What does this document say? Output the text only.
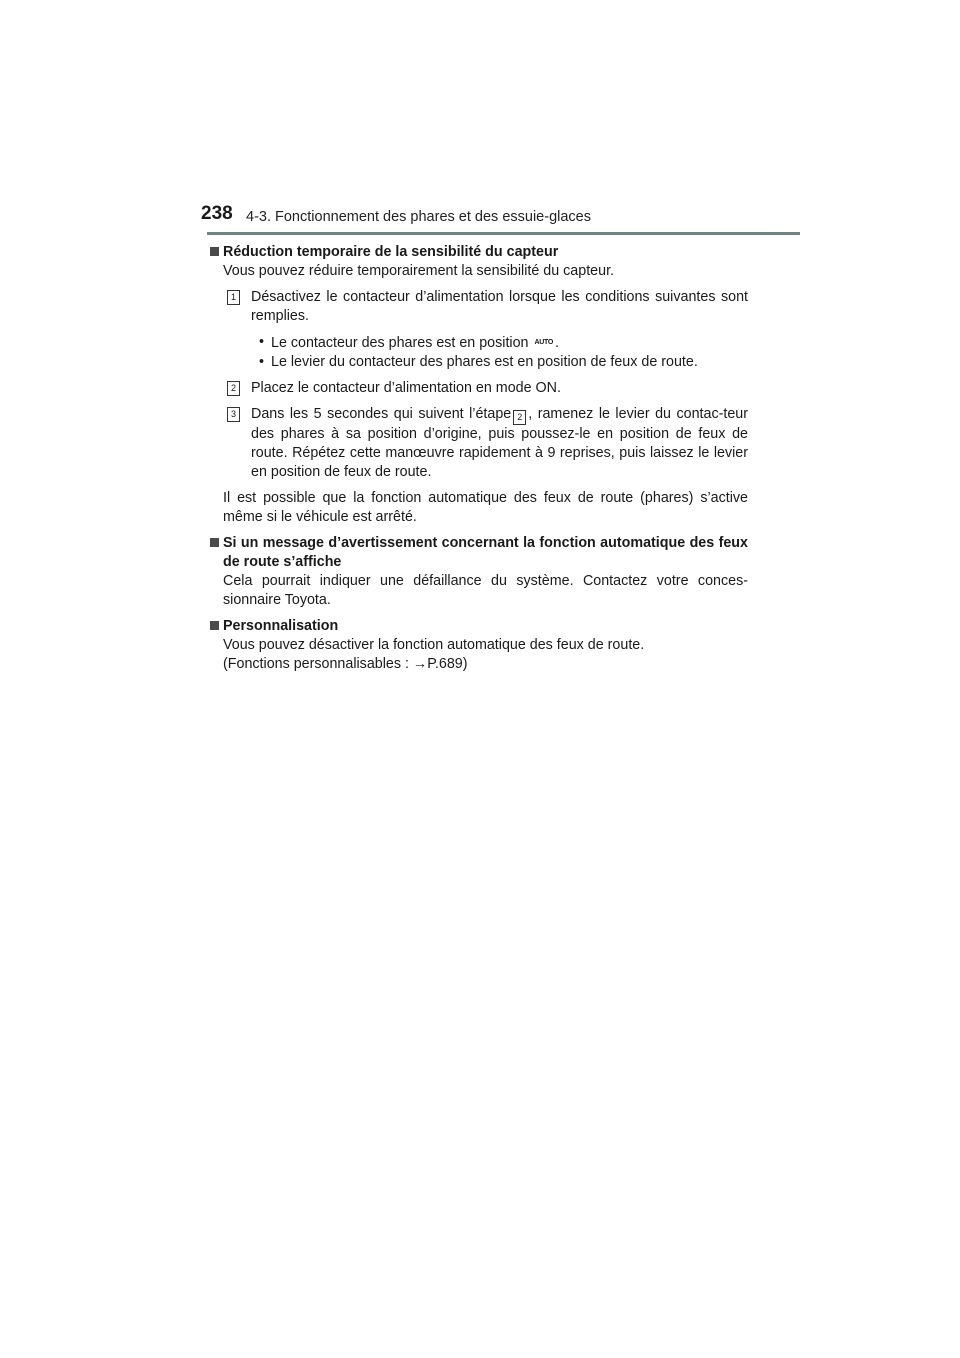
238 4-3. Fonctionnement des phares et des essuie-glaces
Réduction temporaire de la sensibilité du capteur

Vous pouvez réduire temporairement la sensibilité du capteur.

1 Désactivez le contacteur d’alimentation lorsque les conditions suivantes sont remplies.

• Le contacteur des phares est en position AUTO .
• Le levier du contacteur des phares est en position de feux de route.
2 Placez le contacteur d’alimentation en mode ON.

3 Dans les 5 secondes qui suivent l’étape 2 , ramenez le levier du contac-teur des phares à sa position d’origine, puis poussez-le en position de feux de route. Répétez cette manœuvre rapidement à 9 reprises, puis laissez le levier en position de feux de route.

Il est possible que la fonction automatique des feux de route (phares) s’active même si le véhicule est arrêté.

Si un message d’avertissement concernant la fonction automatique des feux de route s’affiche

Cela pourrait indiquer une défaillance du système. Contactez votre conces-sionnaire Toyota.

Personnalisation

Vous pouvez désactiver la fonction automatique des feux de route.

(Fonctions personnalisables : →P.689)
